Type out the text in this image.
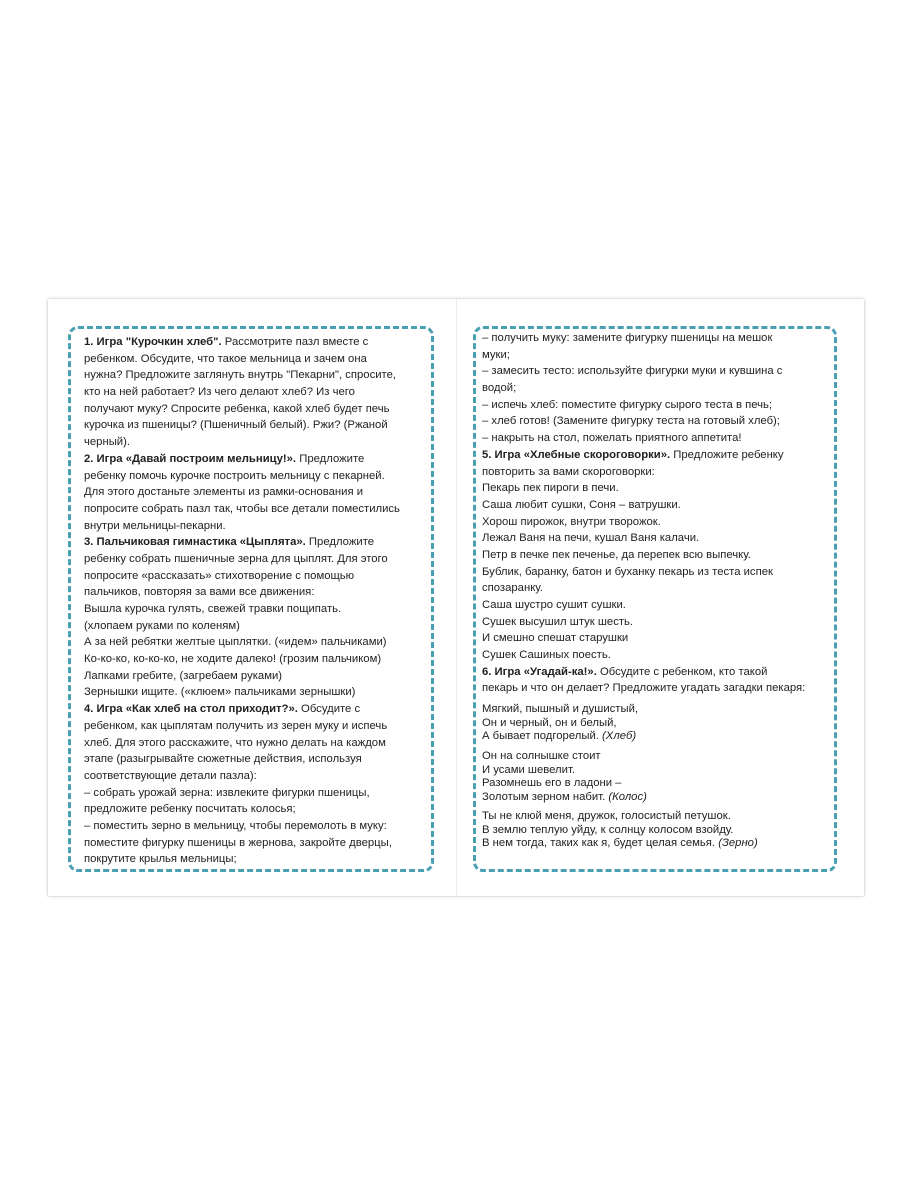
1. Игра "Курочкин хлеб". Рассмотрите пазл вместе с
ребенком. Обсудите, что такое мельница и зачем она
нужна? Предложите заглянуть внутрь "Пекарни", спросите,
кто на ней работает? Из чего делают хлеб? Из чего
получают муку? Спросите ребенка, какой хлеб будет печь
курочка из пшеницы? (Пшеничный белый). Ржи? (Ржаной
черный).
2. Игра «Давай построим мельницу!». Предложите
ребенку помочь курочке построить мельницу с пекарней.
Для этого достаньте элементы из рамки-основания и
попросите собрать пазл так, чтобы все детали поместились
внутри мельницы-пекарни.
3. Пальчиковая гимнастика «Цыплята». Предложите
ребенку собрать пшеничные зерна для цыплят. Для этого
попросите «рассказать» стихотворение с помощью
пальчиков, повторяя за вами все движения:
Вышла курочка гулять, свежей травки пощипать.
(хлопаем руками по коленям)
А за ней ребятки желтые цыплятки. («идем» пальчиками)
Ко-ко-ко, ко-ко-ко, не ходите далеко! (грозим пальчиком)
Лапками гребите, (загребаем руками)
Зернышки ищите. («клюем» пальчиками зернышки)
4. Игра «Как хлеб на стол приходит?». Обсудите с
ребенком, как цыплятам получить из зерен муку и испечь
хлеб. Для этого расскажите, что нужно делать на каждом
этапе (разыгрывайте сюжетные действия, используя
соответствующие детали пазла):
– собрать урожай зерна: извлеките фигурки пшеницы,
предложите ребенку посчитать колосья;
– поместить зерно в мельницу, чтобы перемолоть в муку:
поместите фигурку пшеницы в жернова, закройте дверцы,
покрутите крылья мельницы;
– получить муку: замените фигурку пшеницы на мешок
муки;
– замесить тесто: используйте фигурки муки и кувшина с
водой;
– испечь хлеб: поместите фигурку сырого теста в печь;
– хлеб готов! (Замените фигурку теста на готовый хлеб);
– накрыть на стол, пожелать приятного аппетита!
5. Игра «Хлебные скороговорки». Предложите ребенку
повторить за вами скороговорки:
Пекарь пек пироги в печи.
Саша любит сушки, Соня – ватрушки.
Хорош пирожок, внутри творожок.
Лежал Ваня на печи, кушал Ваня калачи.
Петр в печке пек печенье, да перепек всю выпечку.
Бублик, баранку, батон и буханку пекарь из теста испек
спозаранку.
Саша шустро сушит сушки.
Сушек высушил штук шесть.
И смешно спешат старушки
Сушек Сашиных поесть.
6. Игра «Угадай-ка!». Обсудите с ребенком, кто такой
пекарь и что он делает? Предложите угадать загадки пекаря:
Мягкий, пышный и душистый,
Он и черный, он и белый,
А бывает подгорелый. (Хлеб)
Он на солнышке стоит
И усами шевелит.
Разомнешь его в ладони –
Золотым зерном набит. (Колос)
Ты не клюй меня, дружок, голосистый петушок.
В землю теплую уйду, к солнцу колосом взойду.
В нем тогда, таких как я, будет целая семья. (Зерно)
